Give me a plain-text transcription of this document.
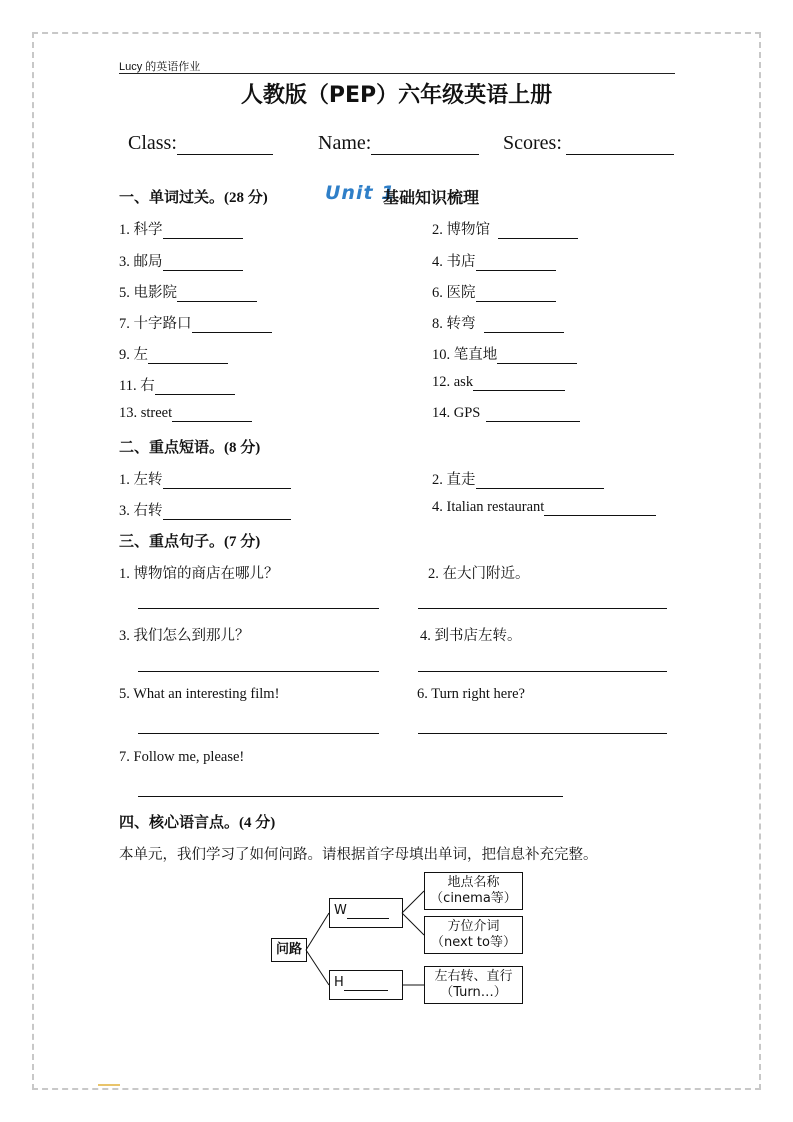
Lucy 的英语作业
人教版（PEP）六年级英语上册
Class:	Name:	Scores:
一、单词过关。(28 分)	Unit 1
基础知识梳理
1. 科学	2. 博物馆
3. 邮局	4. 书店
5. 电影院	6. 医院
7. 十字路口	8. 转弯
9. 左	10. 笔直地
11. 右	12. ask
13. street	14. GPS
二、重点短语。(8 分)
1. 左转	2. 直走
3. 右转	4. Italian restaurant
三、重点句子。(7 分)
1. 博物馆的商店在哪儿？	2. 在大门附近。
3. 我们怎么到那儿？	4. 到书店左转。
5. What an interesting film!	6. Turn right here?
7. Follow me, please!
四、核心语言点。(4 分)
本单元，我们学习了如何问路。请根据首字母填出单词，把信息补充完整。
问路
W
H
地点名称
（cinema等）
方位介词
（next to等）
左右转、直行
（Turn…）
